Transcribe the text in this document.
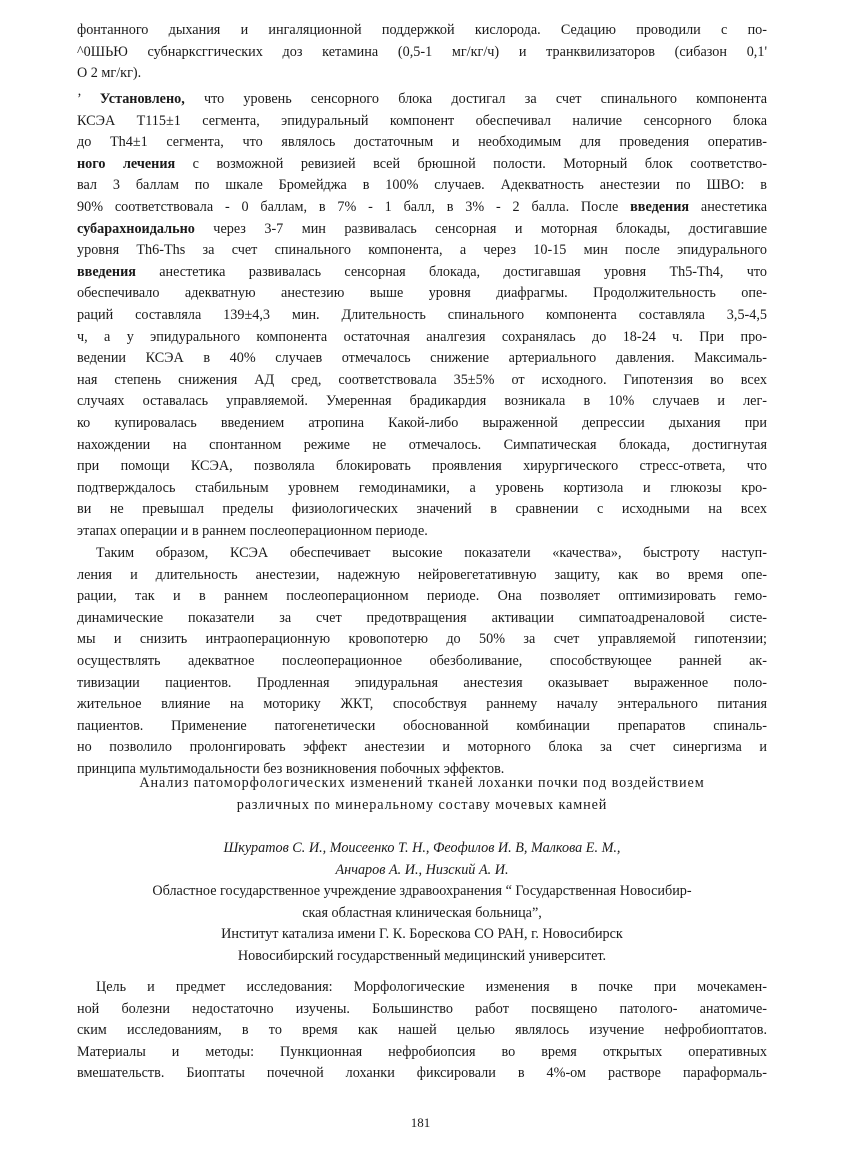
фонтанного дыхания и ингаляционной поддержкой кислорода. Седацию проводили с по-
^0ШЬЮ субнаркcггических доз кетамина (0,5-1 мг/кг/ч) и транквилизаторов (сибазон 0,1'
О 2 мг/кг).
’ Установлено, что уровень сенсорного блока достигал за счет спинального компонента
КСЭА Т115±1 сегмента, эпидуральный компонент обеспечивал наличие сенсорного блока
до Th4±1 сегмента, что являлось достаточным и необходимым для проведения оператив-
ного лечения с возможной ревизией всей брюшной полости. Моторный блок соответство-
вал 3 баллам по шкале Бромейджа в 100% случаев. Адекватность анестезии по ШВО: в
90% соответствовала - 0 баллам, в 7% - 1 балл, в 3% - 2 балла. После введения анестетика
субарахноидально через 3-7 мин развивалась сенсорная и моторная блокады, достигавшие
уровня Th6-Ths за счет спинального компонента, а через 10-15 мин после эпидурального
введения анестетика развивалась сенсорная блокада, достигавшая уровня Th5-Th4, что
обеспечивало адекватную анестезию выше уровня диафрагмы. Продолжительность опе-
раций составляла 139±4,3 мин. Длительность спинального компонента составляла 3,5-4,5
ч, а у эпидурального компонента остаточная аналгезия сохранялась до 18-24 ч. При про-
ведении КСЭА в 40% случаев отмечалось снижение артериального давления. Максималь-
ная степень снижения АД сред, соответствовала 35±5% от исходного. Гипотензия во всех
случаях оставалась управляемой. Умеренная брадикардия возникала в 10% случаев и лег-
ко купировалась введением атропина Какой-либо выраженной депрессии дыхания при
нахождении на спонтанном режиме не отмечалось. Симпатическая блокада, достигнутая
при помощи КСЭА, позволяла блокировать проявления хирургического стресс-ответа, что
подтверждалось стабильным уровнем гемодинамики, а уровень кортизола и глюкозы кро-
ви не превышал пределы физиологических значений в сравнении с исходными на всех
этапах операции и в раннем послеоперационном периоде.
Таким образом, КСЭА обеспечивает высокие показатели «качества», быстроту наступ-
ления и длительность анестезии, надежную нейровегетативную защиту, как во время опе-
рации, так и в раннем послеоперационном периоде. Она позволяет оптимизировать гемо-
динамические показатели за счет предотвращения активации симпатоадреналовой систе-
мы и снизить интраоперационную кровопотерю до 50% за счет управляемой гипотензии;
осуществлять адекватное послеоперационное обезболивание, способствующее ранней ак-
тивизации пациентов. Продленная эпидуральная анестезия оказывает выраженное поло-
жительное влияние на моторику ЖКТ, способствуя раннему началу энтерального питания
пациентов. Применение патогенетически обоснованной комбинации препаратов спиналь-
но позволило пролонгировать эффект анестезии и моторного блока за счет синергизма и
принципа мультимодальности без возникновения побочных эффектов.
Анализ патоморфологических изменений тканей лоханки почки под воздействием
различных по минеральному составу мочевых камней
Шкуратов С. И., Моисеенко Т. Н., Феофилов И. В, Малкова Е. М.,
Анчаров А. И., Низский А. И.
Областное государственное учреждение здравоохранения “ Государственная Новосибир-
ская областная клиническая больница”,
Институт катализа имени Г. К. Борескова СО РАН, г. Новосибирск
Новосибирский государственный медицинский университет.
Цель и предмет исследования: Морфологические изменения в почке при мочекамен-
ной болезни недостаточно изучены. Большинство работ посвящено патолого- анатомиче-
ским исследованиям, в то время как нашей целью являлось изучение нефробиоптатов.
Материалы и методы: Пункционная нефробиопсия во время открытых оперативных
вмешательств. Биоптаты почечной лоханки фиксировали в 4%-ом растворе параформаль-
181
